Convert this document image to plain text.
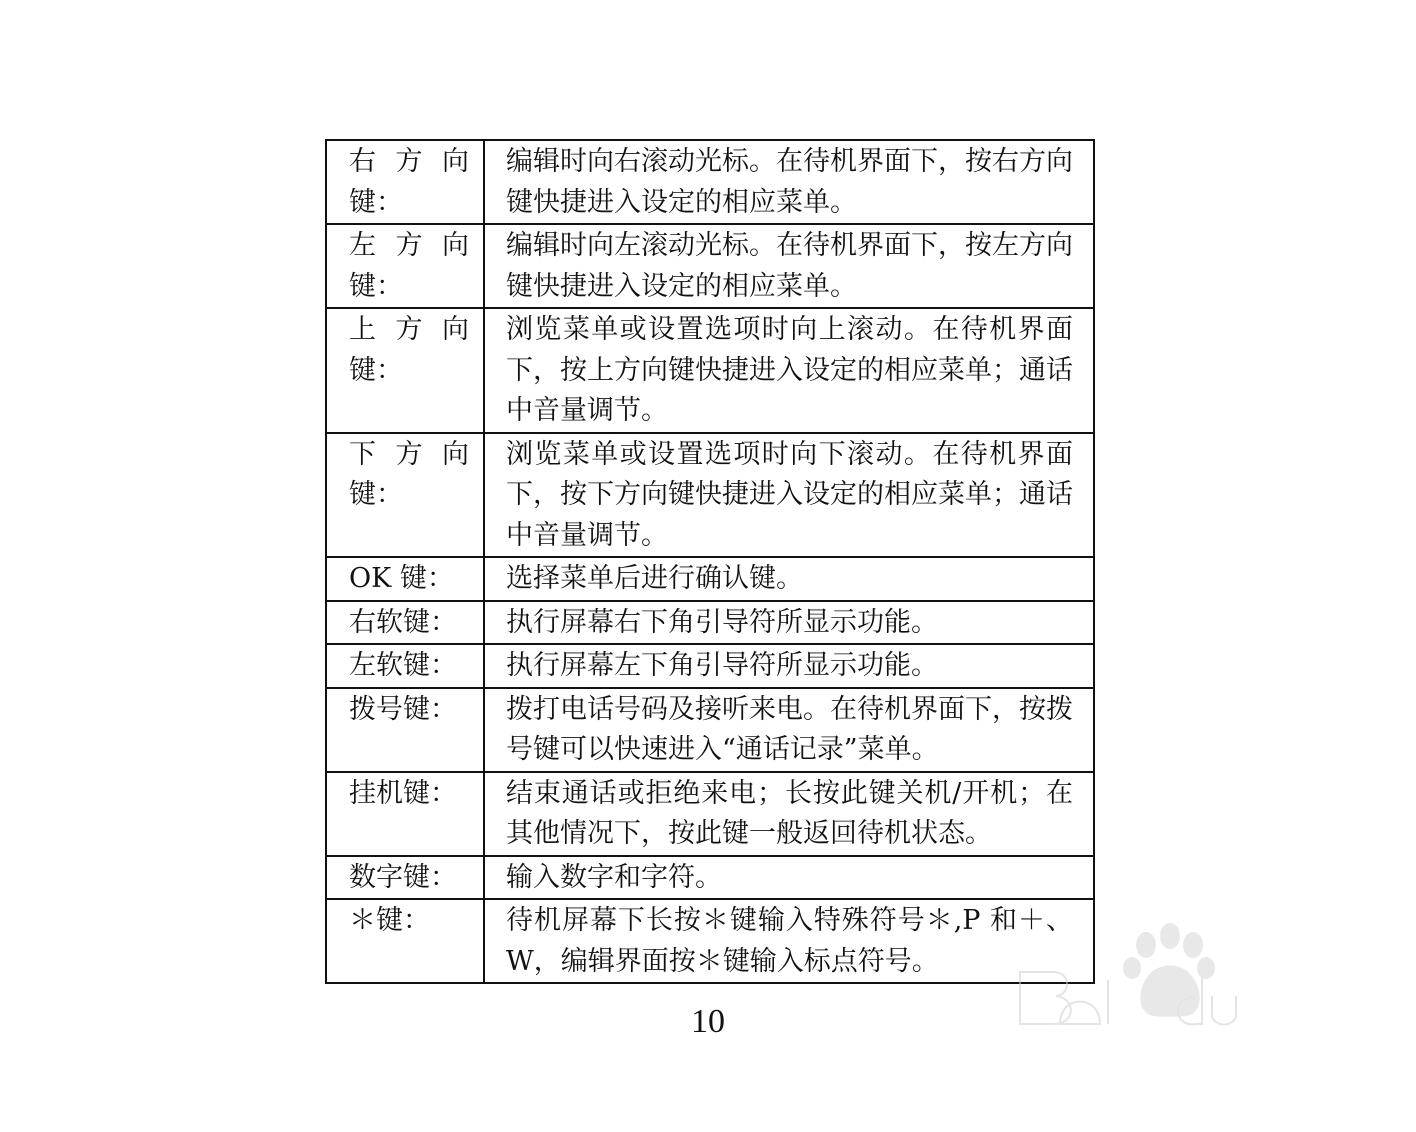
右 方 向 键：	编辑时向右滚动光标。在待机界面下，按右方向键快捷进入设定的相应菜单。
左 方 向 键：	编辑时向左滚动光标。在待机界面下，按左方向键快捷进入设定的相应菜单。
上 方 向 键：	浏览菜单或设置选项时向上滚动。在待机界面下，按上方向键快捷进入设定的相应菜单；通话中音量调节。
下 方 向 键：	浏览菜单或设置选项时向下滚动。在待机界面下，按下方向键快捷进入设定的相应菜单；通话中音量调节。
OK 键：	选择菜单后进行确认键。
右软键：	执行屏幕右下角引导符所显示功能。
左软键：	执行屏幕左下角引导符所显示功能。
拨号键：	拨打电话号码及接听来电。在待机界面下，按拨号键可以快速进入“通话记录”菜单。
挂机键：	结束通话或拒绝来电；长按此键关机/开机；在其他情况下，按此键一般返回待机状态。
数字键：	输入数字和字符。
＊键：	待机屏幕下长按＊键输入特殊符号＊,P 和＋、W，编辑界面按＊键输入标点符号。
10
